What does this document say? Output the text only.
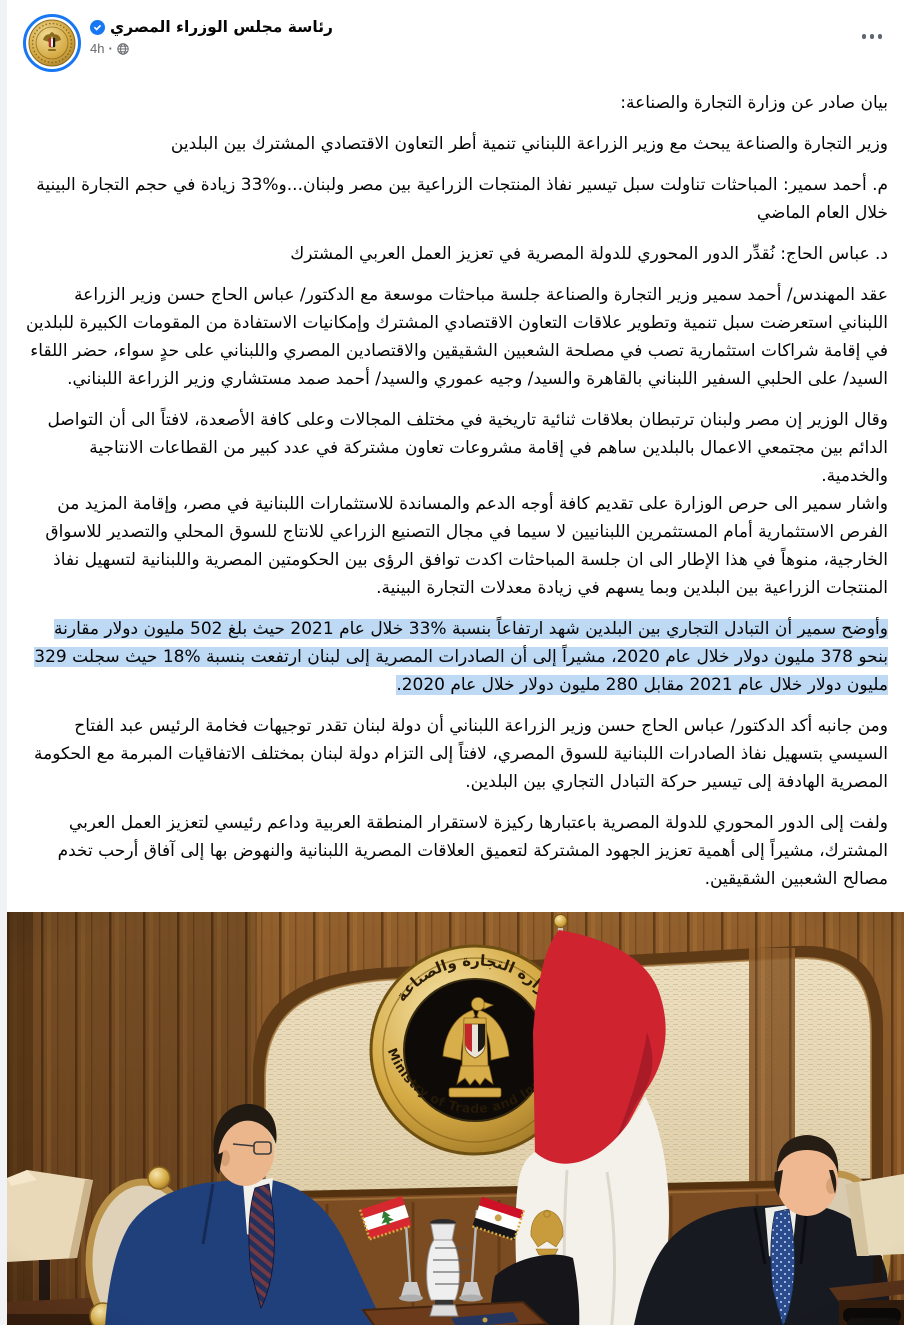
رئاسة مجلس الوزراء المصري
4h ·

بيان صادر عن وزارة التجارة والصناعة:

وزير التجارة والصناعة يبحث مع وزير الزراعة اللبناني تنمية أطر التعاون الاقتصادي المشترك بين البلدين

م. أحمد سمير: المباحثات تناولت سبل تيسير نفاذ المنتجات الزراعية بين مصر ولبنان...و%33 زيادة في حجم التجارة البينية خلال العام الماضي

د. عباس الحاج: نُقدِّر الدور المحوري للدولة المصرية في تعزيز العمل العربي المشترك

عقد المهندس/ أحمد سمير وزير التجارة والصناعة جلسة مباحثات موسعة مع الدكتور/ عباس الحاج حسن وزير الزراعة اللبناني استعرضت سبل تنمية وتطوير علاقات التعاون الاقتصادي المشترك وإمكانيات الاستفادة من المقومات الكبيرة للبلدين في إقامة شراكات استثمارية تصب في مصلحة الشعبين الشقيقين والاقتصادين المصري واللبناني على حدٍ سواء، حضر اللقاء السيد/ على الحلبي السفير اللبناني بالقاهرة والسيد/ وجيه عموري والسيد/ أحمد صمد مستشاري وزير الزراعة اللبناني.

وقال الوزير إن مصر ولبنان ترتبطان بعلاقات ثنائية تاريخية في مختلف المجالات وعلى كافة الأصعدة، لافتاً الى أن التواصل الدائم بين مجتمعي الاعمال بالبلدين ساهم في إقامة مشروعات تعاون مشتركة في عدد كبير من القطاعات الانتاجية والخدمية.

واشار سمير الى حرص الوزارة على تقديم كافة أوجه الدعم والمساندة للاستثمارات اللبنانية في مصر، وإقامة المزيد من الفرص الاستثمارية أمام المستثمرين اللبنانيين لا سيما في مجال التصنيع الزراعي للانتاج للسوق المحلي والتصدير للاسواق الخارجية، منوهاً في هذا الإطار الى ان جلسة المباحثات اكدت توافق الرؤى بين الحكومتين المصرية واللبنانية لتسهيل نفاذ المنتجات الزراعية بين البلدين وبما يسهم في زيادة معدلات التجارة البينية.

وأوضح سمير أن التبادل التجاري بين البلدين شهد ارتفاعاً بنسبة %33 خلال عام 2021 حيث بلغ 502 مليون دولار مقارنة بنحو 378 مليون دولار خلال عام 2020، مشيراً إلى أن الصادرات المصرية إلى لبنان ارتفعت بنسبة %18 حيث سجلت 329 مليون دولار خلال عام 2021 مقابل 280 مليون دولار خلال عام 2020.

ومن جانبه أكد الدكتور/ عباس الحاج حسن وزير الزراعة اللبناني أن دولة لبنان تقدر توجيهات فخامة الرئيس عبد الفتاح السيسي بتسهيل نفاذ الصادرات اللبنانية للسوق المصري، لافتاً إلى التزام دولة لبنان بمختلف الاتفاقيات المبرمة مع الحكومة المصرية الهادفة إلى تيسير حركة التبادل التجاري بين البلدين.

ولفت إلى الدور المحوري للدولة المصرية باعتبارها ركيزة لاستقرار المنطقة العربية وداعم رئيسي لتعزيز العمل العربي المشترك، مشيراً إلى أهمية تعزيز الجهود المشتركة لتعميق العلاقات المصرية اللبنانية والنهوض بها إلى آفاق أرحب تخدم مصالح الشعبين الشقيقين.
